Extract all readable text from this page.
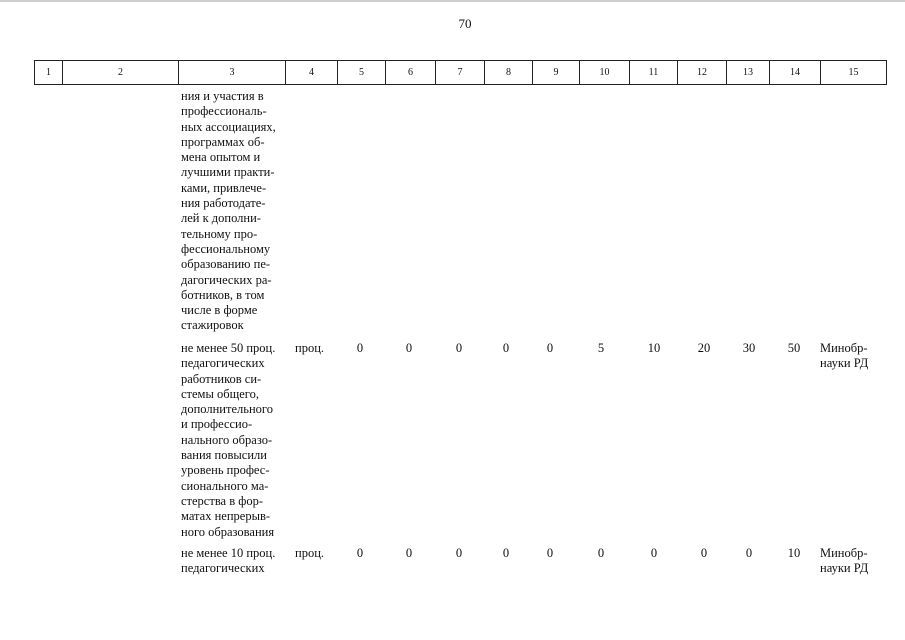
70
1	2	3	4	5	6	7	8	9	10	11	12	13	14	15
ния и участия в
профессиональ-
ных ассоциациях,
программах об-
мена опытом и
лучшими практи-
ками, привлече-
ния работодате-
лей к дополни-
тельному про-
фессиональному
образованию пе-
дагогических ра-
ботников, в том
числе в форме
стажировок
не менее 50 проц.
педагогических
работников си-
стемы общего,
дополнительного
и профессио-
нального образо-
вания повысили
уровень профес-
сионального ма-
стерства в фор-
матах непрерыв-
ного образования
проц.	0	0	0	0	0	5	10	20	30	50	Минобр-
науки РД
не менее 10 проц.
педагогических
проц.	0	0	0	0	0	0	0	0	0	10	Минобр-
науки РД
